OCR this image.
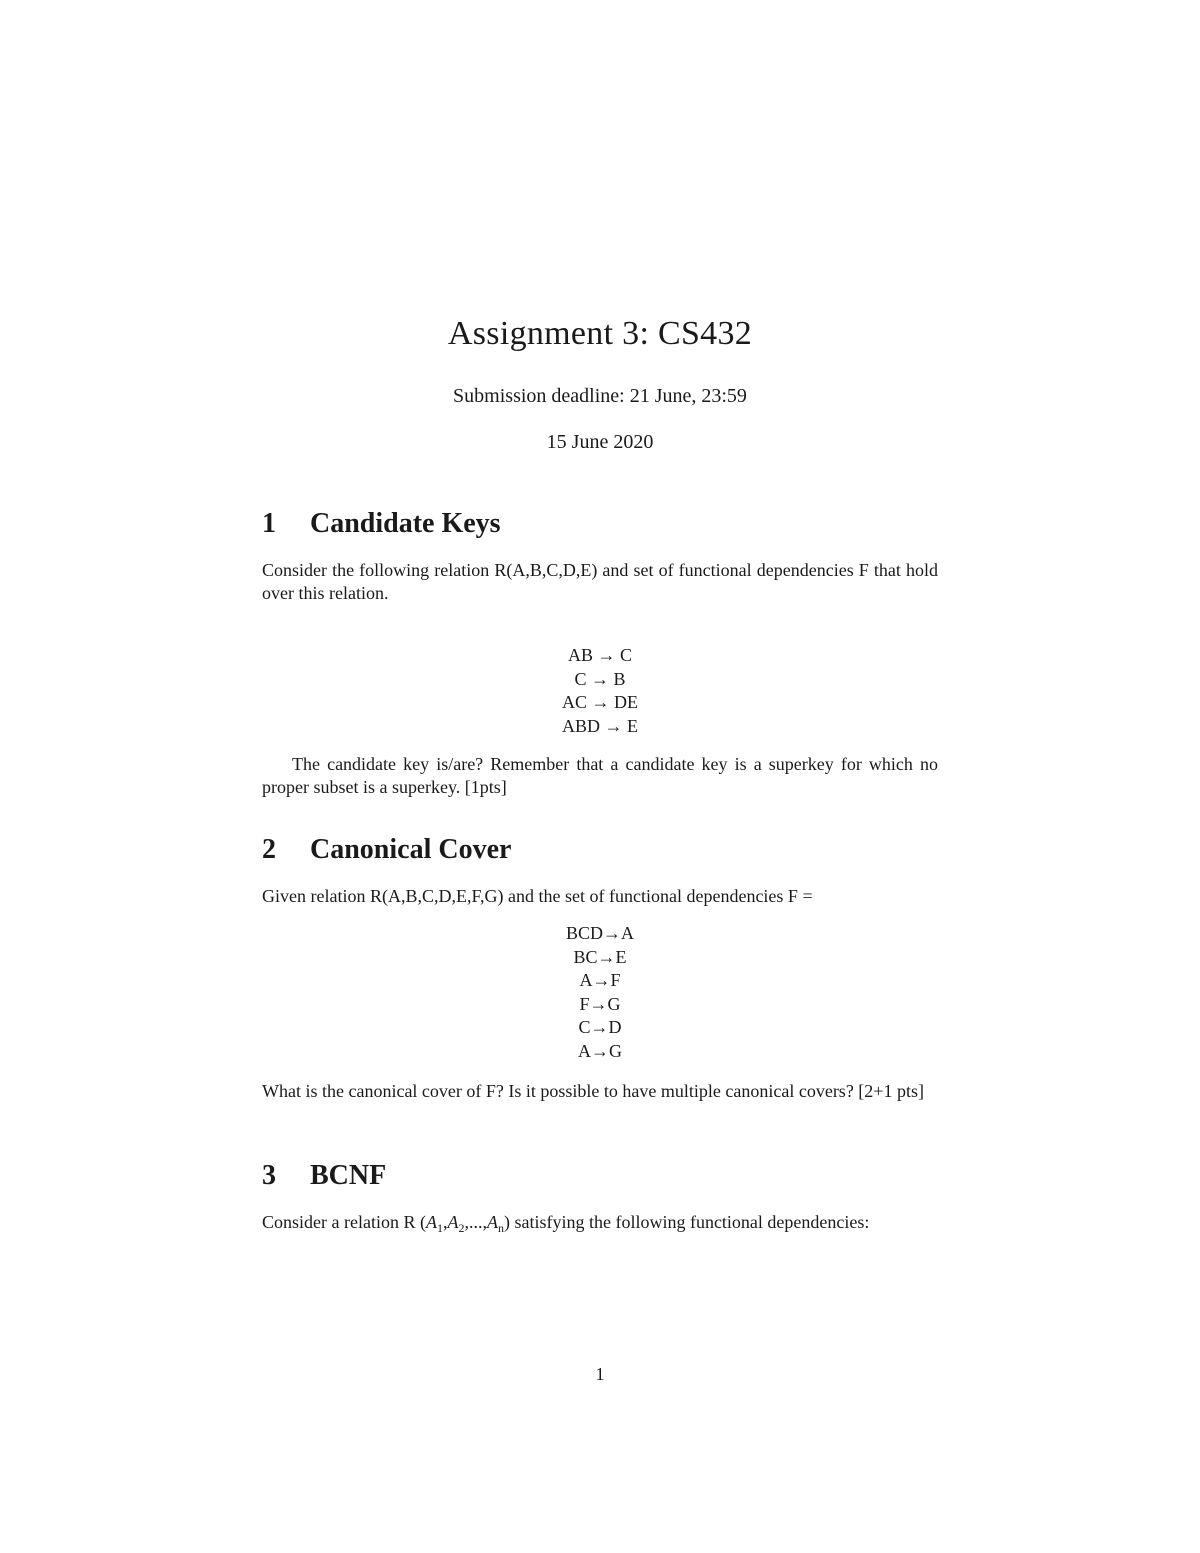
Assignment 3: CS432
Submission deadline: 21 June, 23:59
15 June 2020
1 Candidate Keys
Consider the following relation R(A,B,C,D,E) and set of functional dependencies F that hold over this relation.
AB → C
C → B
AC → DE
ABD → E
The candidate key is/are? Remember that a candidate key is a superkey for which no proper subset is a superkey. [1pts]
2 Canonical Cover
Given relation R(A,B,C,D,E,F,G) and the set of functional dependencies F =
BCD→A
BC→E
A→F
F→G
C→D
A→G
What is the canonical cover of F? Is it possible to have multiple canonical covers? [2+1 pts]
3 BCNF
Consider a relation R $(A_1,A_2,...,A_n)$ satisfying the following functional dependencies:
1
